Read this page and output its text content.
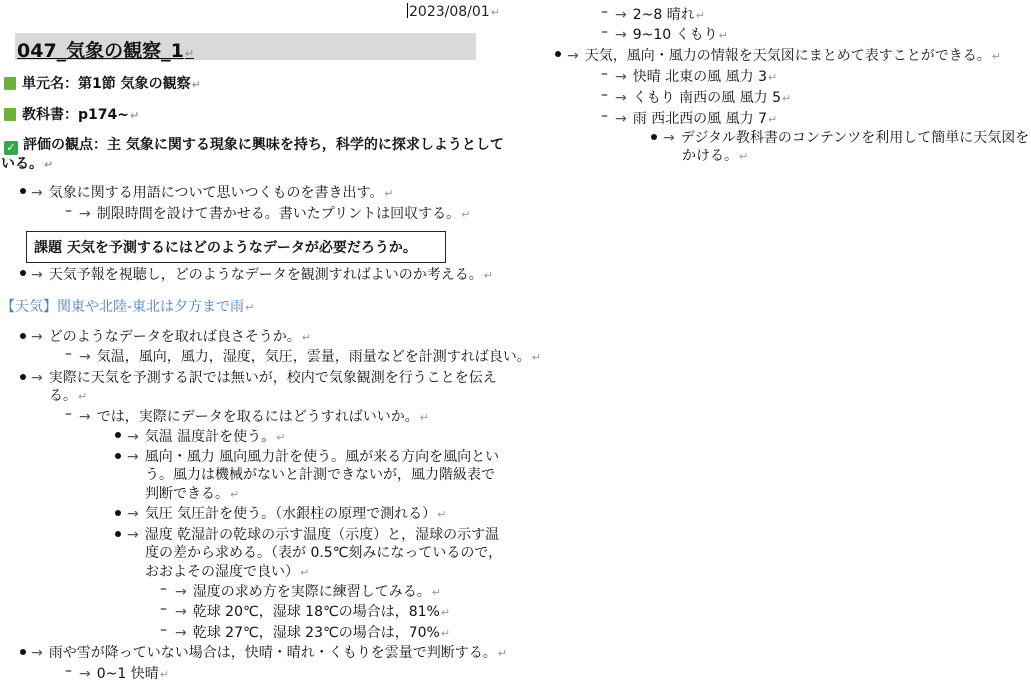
2023/08/01↵
047_気象の観察_1↵
単元名：第1節 気象の観察↵
教科書：p174~↵
✓ 評価の観点：主 気象に関する現象に興味を持ち，科学的に探求しようとして
いる。↵
→ 気象に関する用語について思いつくものを書き出す。↵
– → 制限時間を設けて書かせる。書いたプリントは回収する。↵
課題 天気を予測するにはどのようなデータが必要だろうか。
→ 天気予報を視聴し，どのようなデータを観測すればよいのか考える。↵
【天気】関東や北陸-東北は夕方まで雨↵
→ どのようなデータを取れば良さそうか。↵
– → 気温，風向，風力，湿度，気圧，雲量，雨量などを計測すれば良い。↵
→ 実際に天気を予測する訳では無いが，校内で気象観測を行うことを伝え
る。↵
– → では，実際にデータを取るにはどうすればいいか。↵
→ 気温 温度計を使う。↵
→ 風向・風力 風向風力計を使う。風が来る方向を風向とい
う。風力は機械がないと計測できないが，風力階級表で
判断できる。↵
→ 気圧 気圧計を使う。（水銀柱の原理で測れる）↵
→ 湿度 乾湿計の乾球の示す温度（示度）と，湿球の示す温
度の差から求める。（表が 0.5℃刻みになっているので，
おおよその湿度で良い）↵
– → 湿度の求め方を実際に練習してみる。↵
– → 乾球 20℃，湿球 18℃の場合は，81%↵
– → 乾球 27℃，湿球 23℃の場合は，70%↵
→ 雨や雪が降っていない場合は，快晴・晴れ・くもりを雲量で判断する。↵
– → 0~1 快晴↵
– → 2~8 晴れ↵
– → 9~10 くもり↵
→ 天気，風向・風力の情報を天気図にまとめて表すことができる。↵
– → 快晴 北東の風 風力 3↵
– → くもり 南西の風 風力 5↵
– → 雨 西北西の風 風力 7↵
→ デジタル教科書のコンテンツを利用して簡単に天気図を
かける。↵
